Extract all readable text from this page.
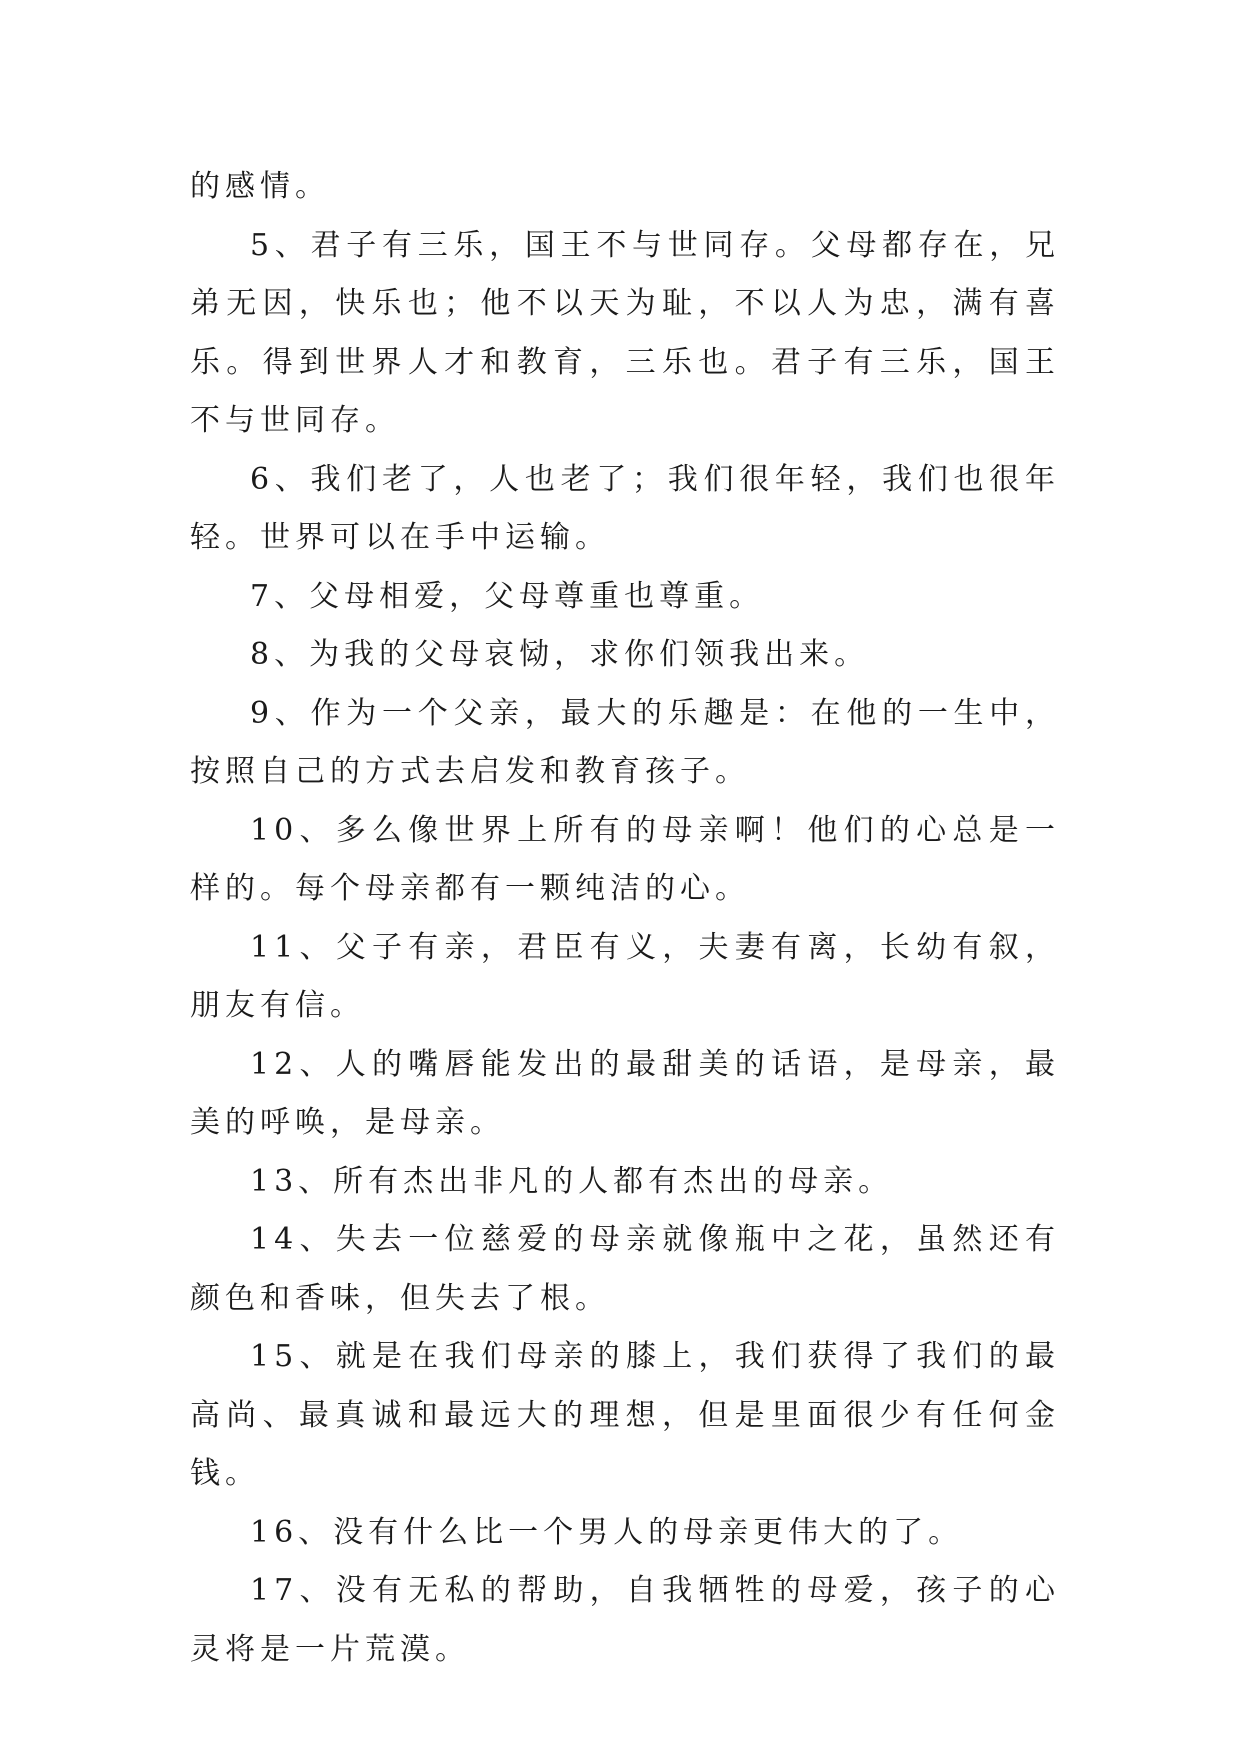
的感情。

5、君子有三乐，国王不与世同存。父母都存在，兄弟无因，快乐也；他不以天为耻，不以人为忠，满有喜乐。得到世界人才和教育，三乐也。君子有三乐，国王不与世同存。

6、我们老了，人也老了；我们很年轻，我们也很年轻。世界可以在手中运输。

7、父母相爱，父母尊重也尊重。

8、为我的父母哀恸，求你们领我出来。

9、作为一个父亲，最大的乐趣是：在他的一生中，按照自己的方式去启发和教育孩子。

10、多么像世界上所有的母亲啊！他们的心总是一样的。每个母亲都有一颗纯洁的心。

11、父子有亲，君臣有义，夫妻有离，长幼有叙，朋友有信。

12、人的嘴唇能发出的最甜美的话语，是母亲，最美的呼唤，是母亲。

13、所有杰出非凡的人都有杰出的母亲。

14、失去一位慈爱的母亲就像瓶中之花，虽然还有颜色和香味，但失去了根。

15、就是在我们母亲的膝上，我们获得了我们的最高尚、最真诚和最远大的理想，但是里面很少有任何金钱。

16、没有什么比一个男人的母亲更伟大的了。

17、没有无私的帮助，自我牺牲的母爱，孩子的心灵将是一片荒漠。
